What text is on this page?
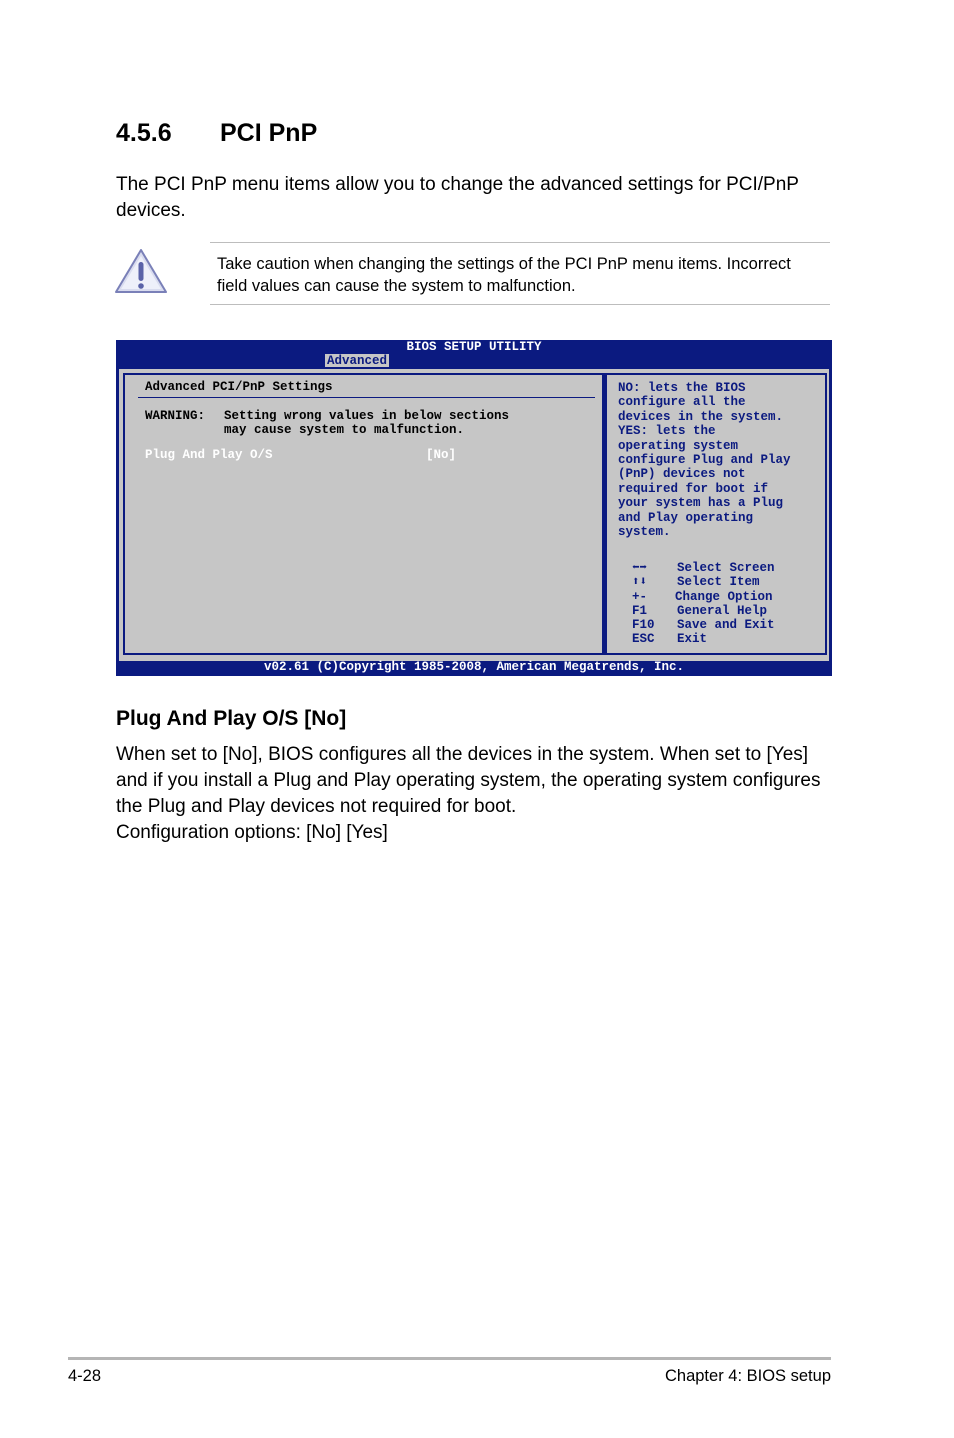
4.5.6 PCI PnP

The PCI PnP menu items allow you to change the advanced settings for PCI/PnP devices.

Take caution when changing the settings of the PCI PnP menu items. Incorrect field values can cause the system to malfunction.

BIOS SETUP UTILITY
Advanced
Advanced PCI/PnP Settings
WARNING: Setting wrong values in below sections
may cause system to malfunction.
Plug And Play O/S	[No]
NO: lets the BIOS
configure all the
devices in the system.
YES: lets the
operating system
configure Plug and Play
(PnP) devices not
required for boot if
your system has a Plug
and Play operating
system.
⬅➡	Select Screen
⬆⬇	Select Item
+-	Change Option
F1	General Help
F10	Save and Exit
ESC	Exit
v02.61 (C)Copyright 1985-2008, American Megatrends, Inc.
Plug And Play O/S [No]

When set to [No], BIOS configures all the devices in the system. When set to [Yes] and if you install a Plug and Play operating system, the operating system configures the Plug and Play devices not required for boot.

Configuration options: [No] [Yes]

4-28	Chapter 4: BIOS setup
